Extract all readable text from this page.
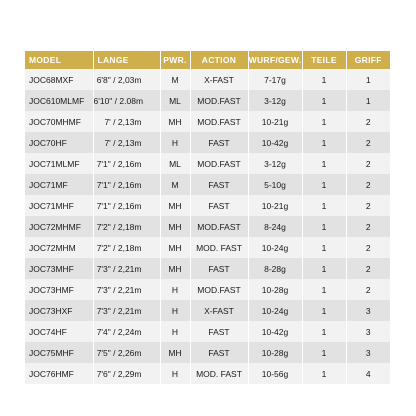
MODEL	LANGE	PWR.	ACTION	WURF/GEW.	TEILE	GRIFF
JOC68MXF	6'8" / 2,03m	M	X-FAST	7-17g	1	1
JOC610MLMF	6'10" / 2.08m	ML	MOD.FAST	3-12g	1	1
JOC70MHMF	7' / 2,13m	MH	MOD.FAST	10-21g	1	2
JOC70HF	7' / 2,13m	H	FAST	10-42g	1	2
JOC71MLMF	7'1" / 2,16m	ML	MOD.FAST	3-12g	1	2
JOC71MF	7'1" / 2,16m	M	FAST	5-10g	1	2
JOC71MHF	7'1" / 2,16m	MH	FAST	10-21g	1	2
JOC72MHMF	7'2" / 2,18m	MH	MOD.FAST	8-24g	1	2
JOC72MHM	7'2" / 2,18m	MH	MOD. FAST	10-24g	1	2
JOC73MHF	7'3" / 2,21m	MH	FAST	8-28g	1	2
JOC73HMF	7'3" / 2,21m	H	MOD.FAST	10-28g	1	2
JOC73HXF	7'3" / 2,21m	H	X-FAST	10-24g	1	3
JOC74HF	7'4" / 2,24m	H	FAST	10-42g	1	3
JOC75MHF	7'5" / 2,26m	MH	FAST	10-28g	1	3
JOC76HMF	7'6" / 2,29m	H	MOD. FAST	10-56g	1	4
